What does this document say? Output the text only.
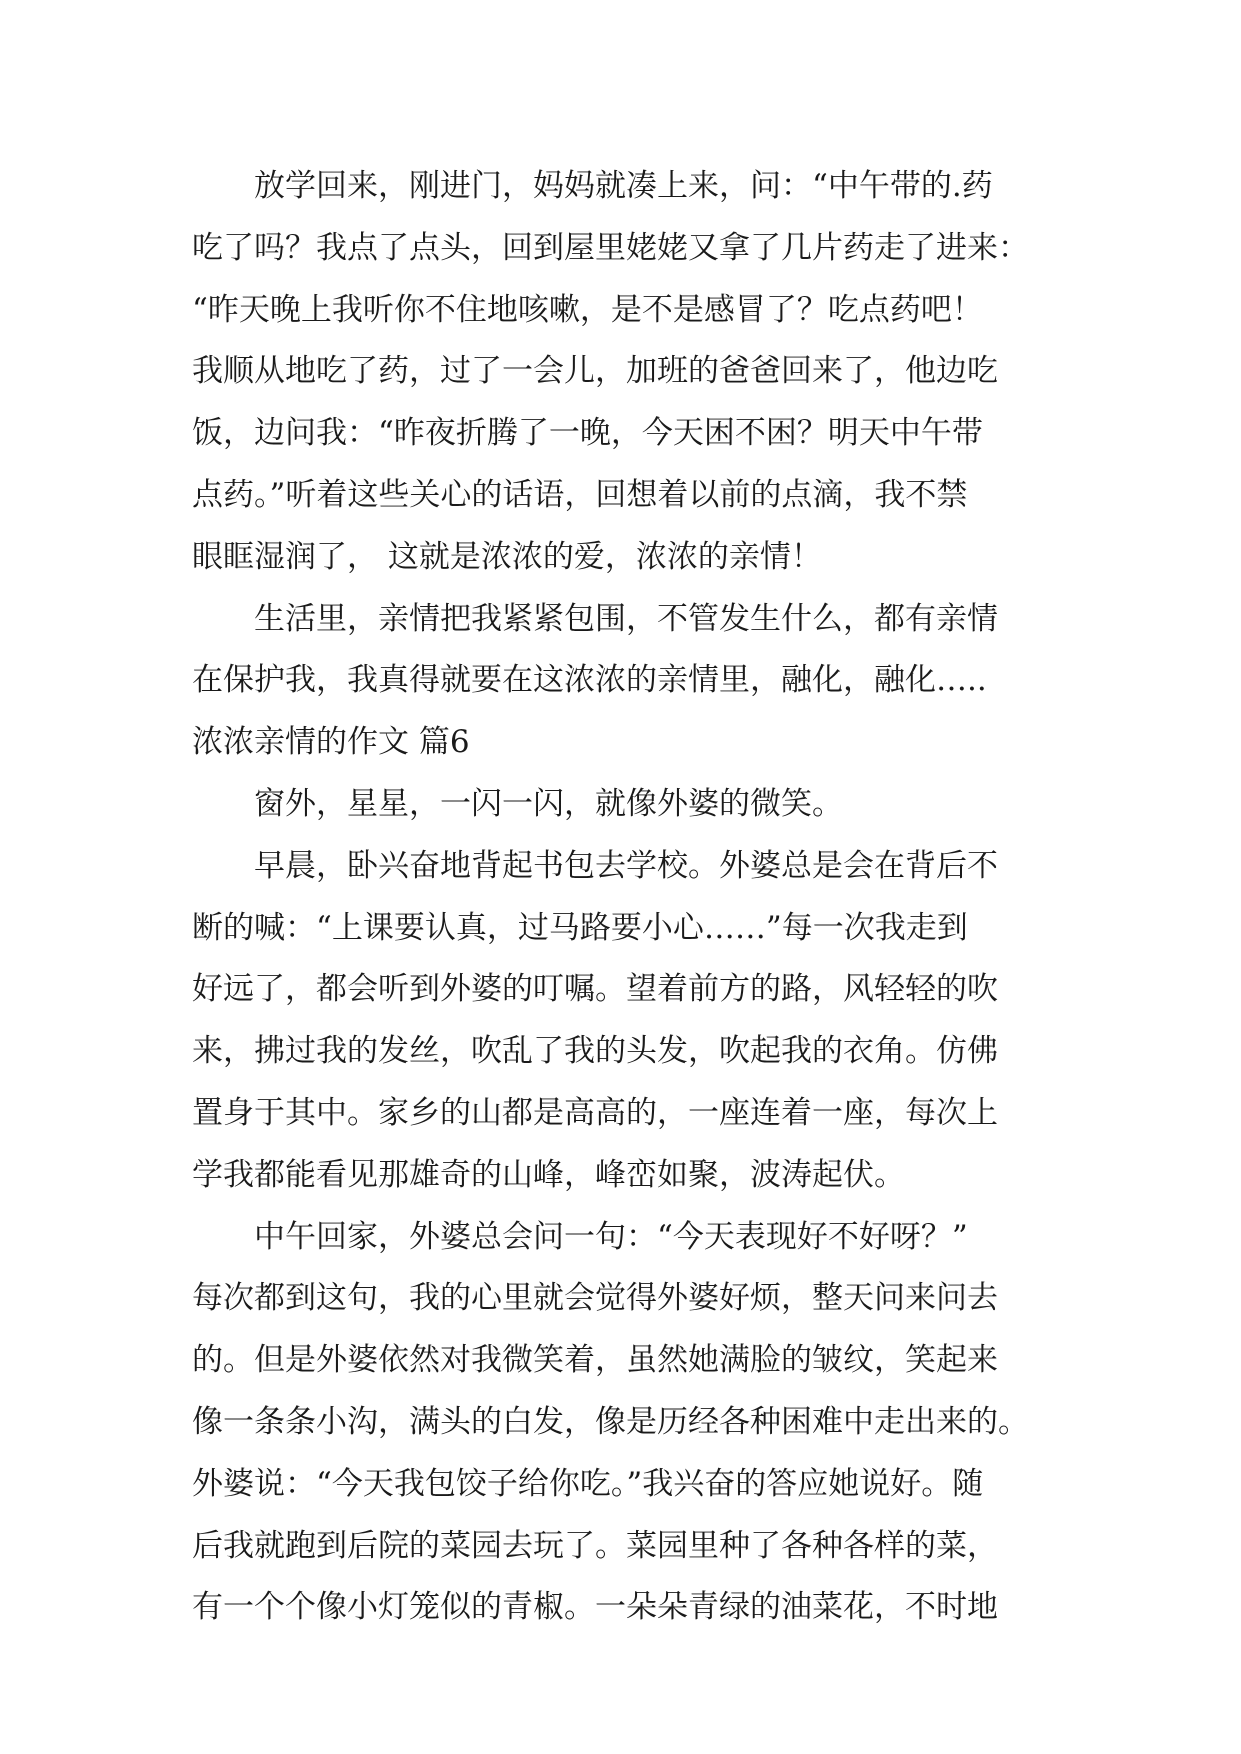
放学回来，刚进门，妈妈就凑上来，问：“中午带的.药
吃了吗？我点了点头，回到屋里姥姥又拿了几片药走了进来：
“昨天晚上我听你不住地咳嗽，是不是感冒了？吃点药吧！
我顺从地吃了药，过了一会儿，加班的爸爸回来了，他边吃
饭，边问我：“昨夜折腾了一晚，今天困不困？明天中午带
点药。”听着这些关心的话语，回想着以前的点滴，我不禁
眼眶湿润了， 这就是浓浓的爱，浓浓的亲情！
生活里，亲情把我紧紧包围，不管发生什么，都有亲情
在保护我，我真得就要在这浓浓的亲情里，融化，融化…..
浓浓亲情的作文 篇6
窗外，星星，一闪一闪，就像外婆的微笑。
早晨，卧兴奋地背起书包去学校。外婆总是会在背后不
断的喊：“上课要认真，过马路要小心……”每一次我走到
好远了，都会听到外婆的叮嘱。望着前方的路，风轻轻的吹
来，拂过我的发丝，吹乱了我的头发，吹起我的衣角。仿佛
置身于其中。家乡的山都是高高的，一座连着一座，每次上
学我都能看见那雄奇的山峰，峰峦如聚，波涛起伏。
中午回家，外婆总会问一句：“今天表现好不好呀？”
每次都到这句，我的心里就会觉得外婆好烦，整天问来问去
的。但是外婆依然对我微笑着，虽然她满脸的皱纹，笑起来
像一条条小沟，满头的白发，像是历经各种困难中走出来的。
外婆说：“今天我包饺子给你吃。”我兴奋的答应她说好。随
后我就跑到后院的菜园去玩了。菜园里种了各种各样的菜，
有一个个像小灯笼似的青椒。一朵朵青绿的油菜花，不时地
